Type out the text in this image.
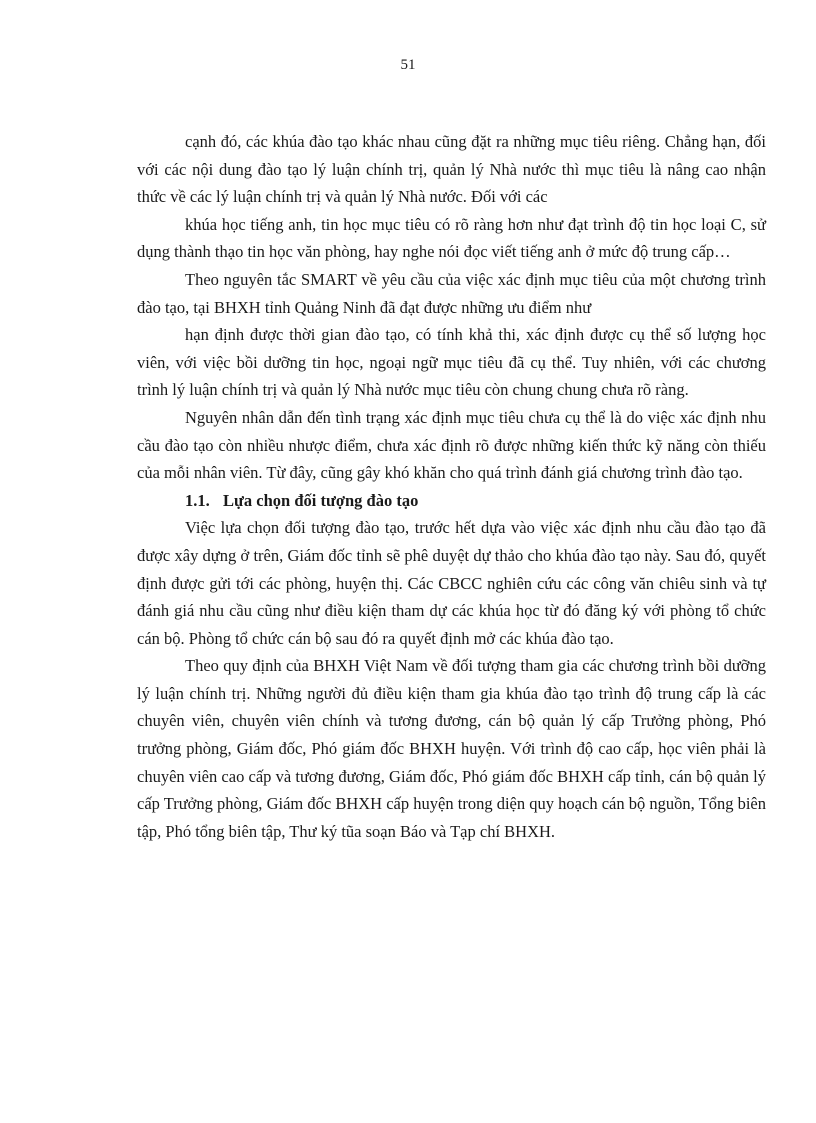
51

cạnh đó, các khúa đào tạo khác nhau cũng đặt ra những mục tiêu riêng. Chẳng hạn, đối với các nội dung đào tạo lý luận chính trị, quản lý Nhà nước thì mục tiêu là nâng cao nhận thức về các lý luận chính trị và quản lý Nhà nước. Đối với các

khúa học tiếng anh, tin học mục tiêu có rõ ràng hơn như đạt trình độ tin học loại C, sử dụng thành thạo tin học văn phòng, hay nghe nói đọc viết tiếng anh ở mức độ trung cấp…

Theo nguyên tắc SMART về yêu cầu của việc xác định mục tiêu của một chương trình đào tạo, tại BHXH tỉnh Quảng Ninh đã đạt được những ưu điểm như

hạn định được thời gian đào tạo, có tính khả thi, xác định được cụ thể số lượng học viên, với việc bồi dưỡng tin học, ngoại ngữ mục tiêu đã cụ thể. Tuy nhiên, với các chương trình lý luận chính trị và quản lý Nhà nước mục tiêu còn chung chung chưa rõ ràng.

Nguyên nhân dẫn đến tình trạng xác định mục tiêu chưa cụ thể là do việc xác định nhu cầu đào tạo còn nhiều nhược điểm, chưa xác định rõ được những kiến thức kỹ năng còn thiếu của mỗi nhân viên. Từ đây, cũng gây khó khăn cho quá trình đánh giá chương trình đào tạo.

1.1. Lựa chọn đối tượng đào tạo

Việc lựa chọn đối tượng đào tạo, trước hết dựa vào việc xác định nhu cầu đào tạo đã được xây dựng ở trên, Giám đốc tỉnh sẽ phê duyệt dự thảo cho khúa đào tạo này. Sau đó, quyết định được gửi tới các phòng, huyện thị. Các CBCC nghiên cứu các công văn chiêu sinh và tự đánh giá nhu cầu cũng như điều kiện tham dự các khúa học từ đó đăng ký với phòng tổ chức cán bộ. Phòng tổ chức cán bộ sau đó ra quyết định mở các khúa đào tạo.

Theo quy định của BHXH Việt Nam về đối tượng tham gia các chương trình bồi dưỡng lý luận chính trị. Những người đủ điều kiện tham gia khúa đào tạo trình độ trung cấp là các chuyên viên, chuyên viên chính và tương đương, cán bộ quản lý cấp Trưởng phòng, Phó trưởng phòng, Giám đốc, Phó giám đốc BHXH huyện. Với trình độ cao cấp, học viên phải là chuyên viên cao cấp và tương đương, Giám đốc, Phó giám đốc BHXH cấp tỉnh, cán bộ quản lý cấp Trưởng phòng, Giám đốc BHXH cấp huyện trong diện quy hoạch cán bộ nguồn, Tổng biên tập, Phó tổng biên tập, Thư ký tũa soạn Báo và Tạp chí BHXH.
